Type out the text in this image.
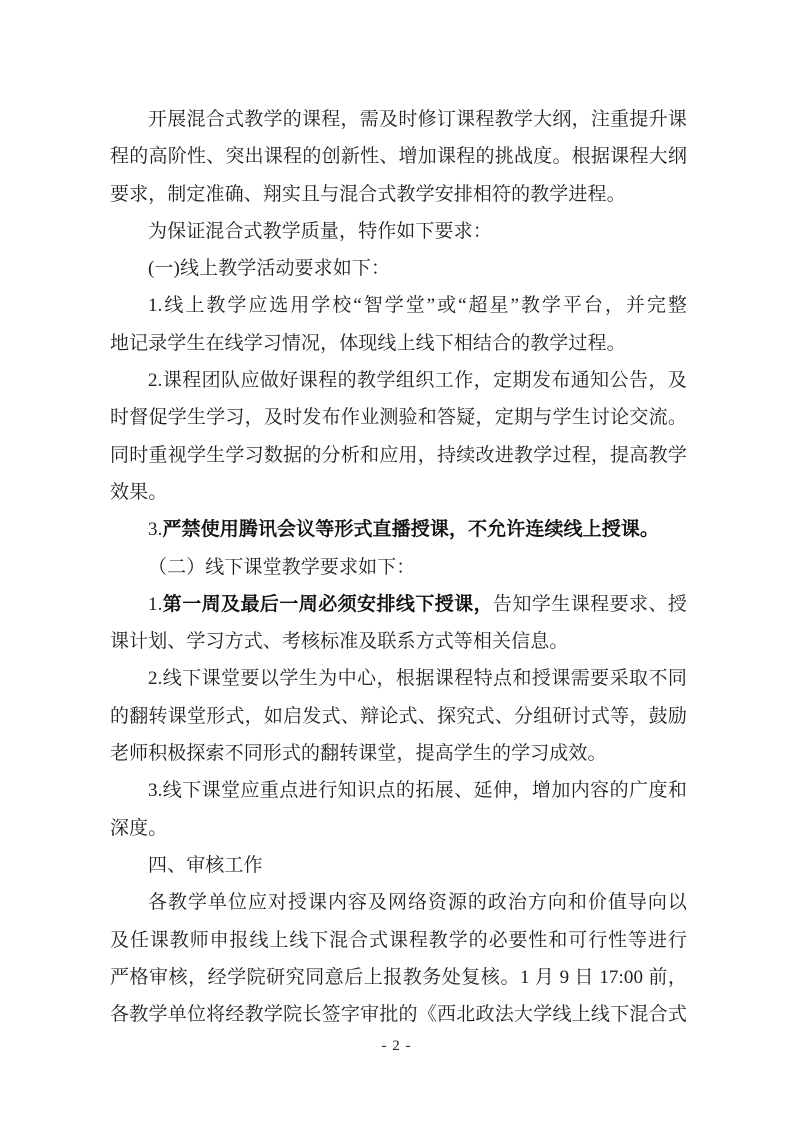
开展混合式教学的课程，需及时修订课程教学大纲，注重提升课
程的高阶性、突出课程的创新性、增加课程的挑战度。根据课程大纲
要求，制定准确、翔实且与混合式教学安排相符的教学进程。
为保证混合式教学质量，特作如下要求：
(一)线上教学活动要求如下：
1.线上教学应选用学校“智学堂”或“超星”教学平台，并完整
地记录学生在线学习情况，体现线上线下相结合的教学过程。
2.课程团队应做好课程的教学组织工作，定期发布通知公告，及
时督促学生学习，及时发布作业测验和答疑，定期与学生讨论交流。
同时重视学生学习数据的分析和应用，持续改进教学过程，提高教学
效果。
3.严禁使用腾讯会议等形式直播授课，不允许连续线上授课。
（二）线下课堂教学要求如下：
1.第一周及最后一周必须安排线下授课，告知学生课程要求、授
课计划、学习方式、考核标准及联系方式等相关信息。
2.线下课堂要以学生为中心，根据课程特点和授课需要采取不同
的翻转课堂形式，如启发式、辩论式、探究式、分组研讨式等，鼓励
老师积极探索不同形式的翻转课堂，提高学生的学习成效。
3.线下课堂应重点进行知识点的拓展、延伸，增加内容的广度和
深度。
四、审核工作
各教学单位应对授课内容及网络资源的政治方向和价值导向以
及任课教师申报线上线下混合式课程教学的必要性和可行性等进行
严格审核，经学院研究同意后上报教务处复核。1 月 9 日 17:00 前，
各教学单位将经教学院长签字审批的《西北政法大学线上线下混合式
- 2 -
